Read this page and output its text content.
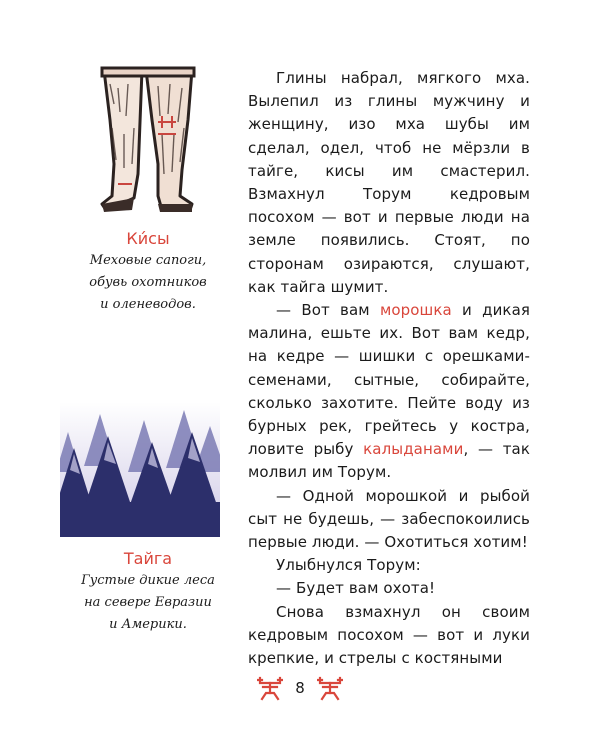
Ки́сы
Меховые сапоги,
обувь охотников
и оленеводов.
Тайга
Густые дикие леса
на севере Евразии
и Америки.

Глины набрал, мягкого мха. Вылепил из глины мужчину и женщину, изо мха шубы им сделал, одел, чтоб не мёрзли в тайге, кисы им смастерил. Взмахнул Торум кедровым посохом — вот и первые люди на земле появились. Стоят, по сторонам озираются, слушают, как тайга шумит.

— Вот вам морошка и дикая малина, ешьте их. Вот вам кедр, на кедре — шишки с орешками-семенами, сытные, собирайте, сколько захотите. Пейте воду из бурных рек, грейтесь у костра, ловите рыбу калыданами, — так молвил им Торум.

— Одной морошкой и рыбой сыт не будешь, — забеспокоились первые люди. — Охотиться хотим!

Улыбнулся Торум:

— Будет вам охота!

Снова взмахнул он своим кедровым посохом — вот и луки крепкие, и стрелы с костяными

8
